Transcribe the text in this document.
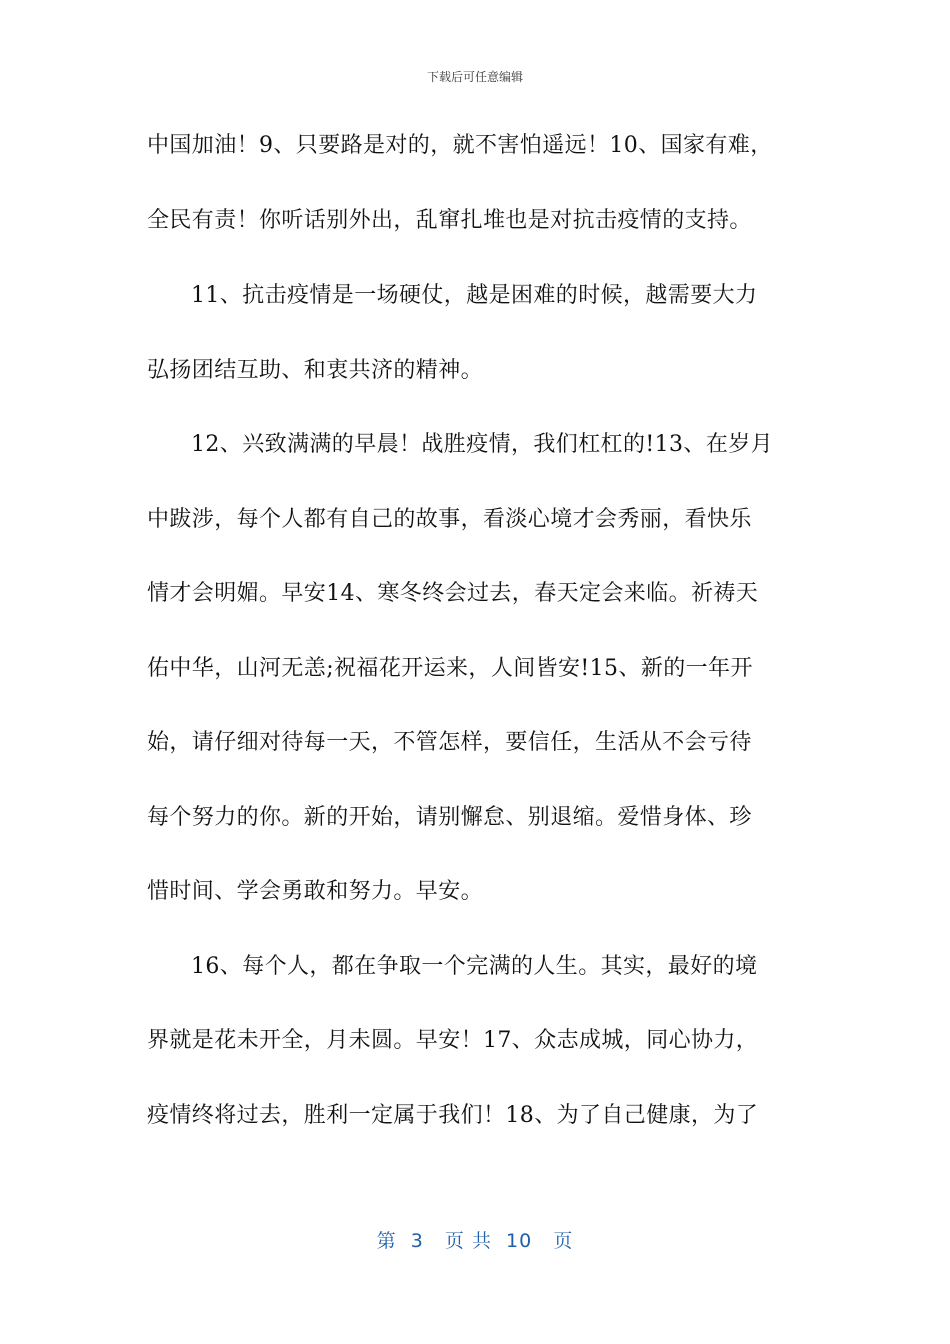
下载后可任意编辑
中国加油！9、只要路是对的，就不害怕遥远！10、国家有难，
全民有责！你听话别外出，乱窜扎堆也是对抗击疫情的支持。
11、抗击疫情是一场硬仗，越是困难的时候，越需要大力
弘扬团结互助、和衷共济的精神。
12、兴致满满的早晨！战胜疫情，我们杠杠的!13、在岁月
中跋涉，每个人都有自己的故事，看淡心境才会秀丽，看快乐
情才会明媚。早安14、寒冬终会过去，春天定会来临。祈祷天
佑中华，山河无恙;祝福花开运来，人间皆安!15、新的一年开
始，请仔细对待每一天，不管怎样，要信任，生活从不会亏待
每个努力的你。新的开始，请别懈怠、别退缩。爱惜身体、珍
惜时间、学会勇敢和努力。早安。
16、每个人，都在争取一个完满的人生。其实，最好的境
界就是花未开全，月未圆。早安！17、众志成城，同心协力，
疫情终将过去，胜利一定属于我们！18、为了自己健康，为了
第  3   页 共  10   页
